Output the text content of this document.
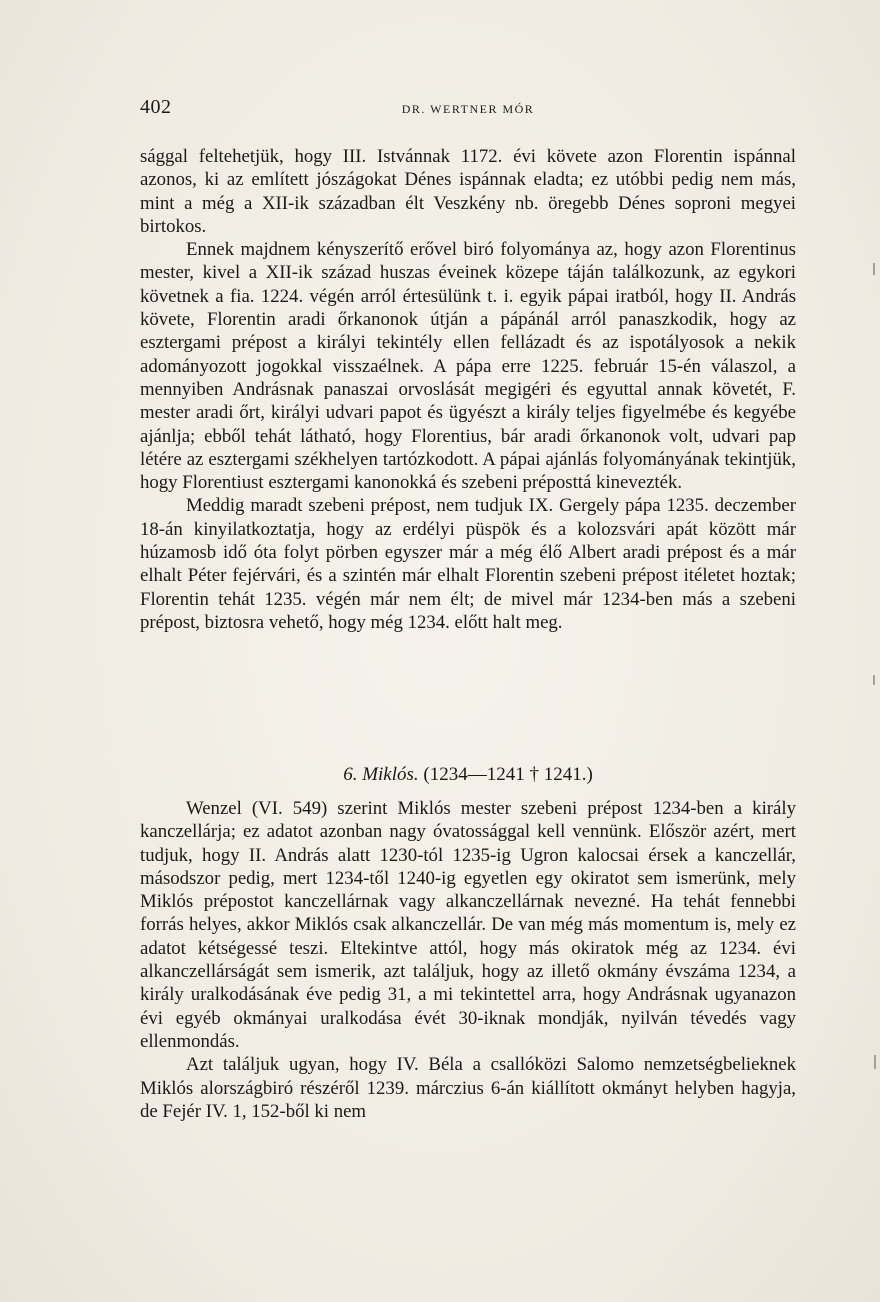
402	DR. WERTNER MÓR

sággal feltehetjük, hogy III. Istvánnak 1172. évi követe azon Florentin ispánnal azonos, ki az említett jószágokat Dénes ispánnak eladta; ez utóbbi pedig nem más, mint a még a XII-ik században élt Veszkény nb. öregebb Dénes soproni megyei birtokos.

Ennek majdnem kényszerítő erővel biró folyománya az, hogy azon Florentinus mester, kivel a XII-ik század huszas éveinek közepe táján találkozunk, az egykori követnek a fia. 1224. végén arról értesülünk t. i. egyik pápai iratból, hogy II. András követe, Florentin aradi őrkanonok útján a pápánál arról panaszkodik, hogy az esztergami prépost a királyi tekintély ellen fellázadt és az ispotályosok a nekik adományozott jogokkal visszaélnek. A pápa erre 1225. február 15-én válaszol, a mennyiben Andrásnak panaszai orvoslását megigéri és egyuttal annak követét, F. mester aradi őrt, királyi udvari papot és ügyészt a király teljes figyelmébe és kegyébe ajánlja; ebből tehát látható, hogy Florentius, bár aradi őrkanonok volt, udvari pap létére az esztergami székhelyen tartózkodott. A pápai ajánlás folyományának tekintjük, hogy Florentiust esztergami kanonokká és szebeni préposttá kinevezték.

Meddig maradt szebeni prépost, nem tudjuk IX. Gergely pápa 1235. deczember 18-án kinyilatkoztatja, hogy az erdélyi püspök és a kolozsvári apát között már húzamosb idő óta folyt pörben egyszer már a még élő Albert aradi prépost és a már elhalt Péter fejérvári, és a szintén már elhalt Florentin szebeni prépost itéletet hoztak; Florentin tehát 1235. végén már nem élt; de mivel már 1234-ben más a szebeni prépost, biztosra vehető, hogy még 1234. előtt halt meg.

6. Miklós. (1234—1241 † 1241.)

Wenzel (VI. 549) szerint Miklós mester szebeni prépost 1234-ben a király kanczellárja; ez adatot azonban nagy óvatossággal kell vennünk. Először azért, mert tudjuk, hogy II. András alatt 1230-tól 1235-ig Ugron kalocsai érsek a kanczellár, másodszor pedig, mert 1234-től 1240-ig egyetlen egy okiratot sem ismerünk, mely Miklós prépostot kanczellárnak vagy alkanczellárnak nevezné. Ha tehát fennebbi forrás helyes, akkor Miklós csak alkanczellár. De van még más momentum is, mely ez adatot kétségessé teszi. Eltekintve attól, hogy más okiratok még az 1234. évi alkanczellárságát sem ismerik, azt találjuk, hogy az illető okmány évszáma 1234, a király uralkodásának éve pedig 31, a mi tekintettel arra, hogy Andrásnak ugyanazon évi egyéb okmányai uralkodása évét 30-iknak mondják, nyilván tévedés vagy ellenmondás.

Azt találjuk ugyan, hogy IV. Béla a csallóközi Salomo nemzetségbelieknek Miklós alországbiró részéről 1239. márczius 6-án kiállított okmányt helyben hagyja, de Fejér IV. 1, 152-ből ki nem
